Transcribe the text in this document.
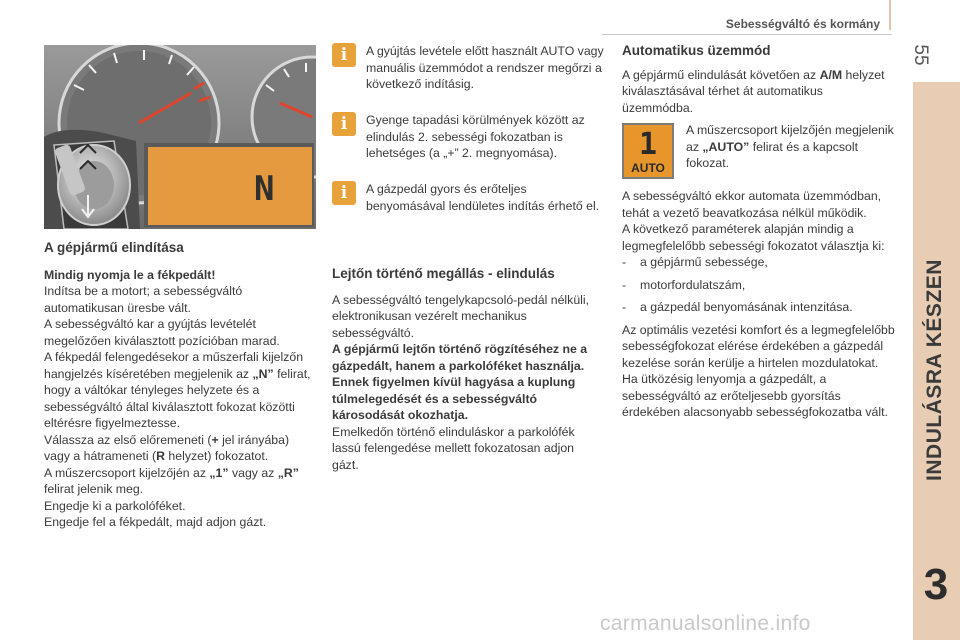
Sebességváltó és kormány
55
INDULÁSRA KÉSZEN
3
N
A gépjármű elindítása

Mindig nyomja le a fékpedált!

Indítsa be a motort; a sebességváltó automatikusan üresbe vált.

A sebességváltó kar a gyújtás levételét megelőzően kiválasztott pozícióban marad.

A fékpedál felengedésekor a műszerfali kijelzőn hangjelzés kíséretében megjelenik az „N” felirat, hogy a váltókar tényleges helyzete és a sebességváltó által kiválasztott fokozat közötti eltérésre figyelmeztesse.

Válassza az első előremeneti (+ jel irányába) vagy a hátrameneti (R helyzet) fokozatot.

A műszercsoport kijelzőjén az „1” vagy az „R” felirat jelenik meg.

Engedje ki a parkolóféket.

Engedje fel a fékpedált, majd adjon gázt.

i	A gyújtás levétele előtt használt AUTO vagy manuális üzemmódot a rendszer megőrzi a következő indításig.
i	Gyenge tapadási körülmények között az elindulás 2. sebességi fokozatban is lehetséges (a „+” 2. megnyomása).
i	A gázpedál gyors és erőteljes benyomásával lendületes indítás érhető el.
Lejtőn történő megállás - elindulás

A sebességváltó tengelykapcsoló-pedál nélküli, elektronikusan vezérelt mechanikus sebességváltó.

A gépjármű lejtőn történő rögzítéséhez ne a gázpedált, hanem a parkolóféket használja. Ennek figyelmen kívül hagyása a kuplung túlmelegedését és a sebességváltó károsodását okozhatja.

Emelkedőn történő elinduláskor a parkolófék lassú felengedése mellett fokozatosan adjon gázt.

Automatikus üzemmód

A gépjármű elindulását követően az A/M helyzet kiválasztásával térhet át automatikus üzemmódba.

1
AUTO

A műszercsoport kijelzőjén megjelenik az „AUTO” felirat és a kapcsolt fokozat.

A sebességváltó ekkor automata üzemmódban, tehát a vezető beavatkozása nélkül működik.

A következő paraméterek alapján mindig a legmegfelelőbb sebességi fokozatot választja ki:

- a gépjármű sebessége,
- motorfordulatszám,
- a gázpedál benyomásának intenzitása.

Az optimális vezetési komfort és a legmegfelelőbb sebességfokozat elérése érdekében a gázpedál kezelése során kerülje a hirtelen mozdulatokat.

Ha ütközésig lenyomja a gázpedált, a sebességváltó az erőteljesebb gyorsítás érdekében alacsonyabb sebességfokozatba vált.

carmanualsonline.info
